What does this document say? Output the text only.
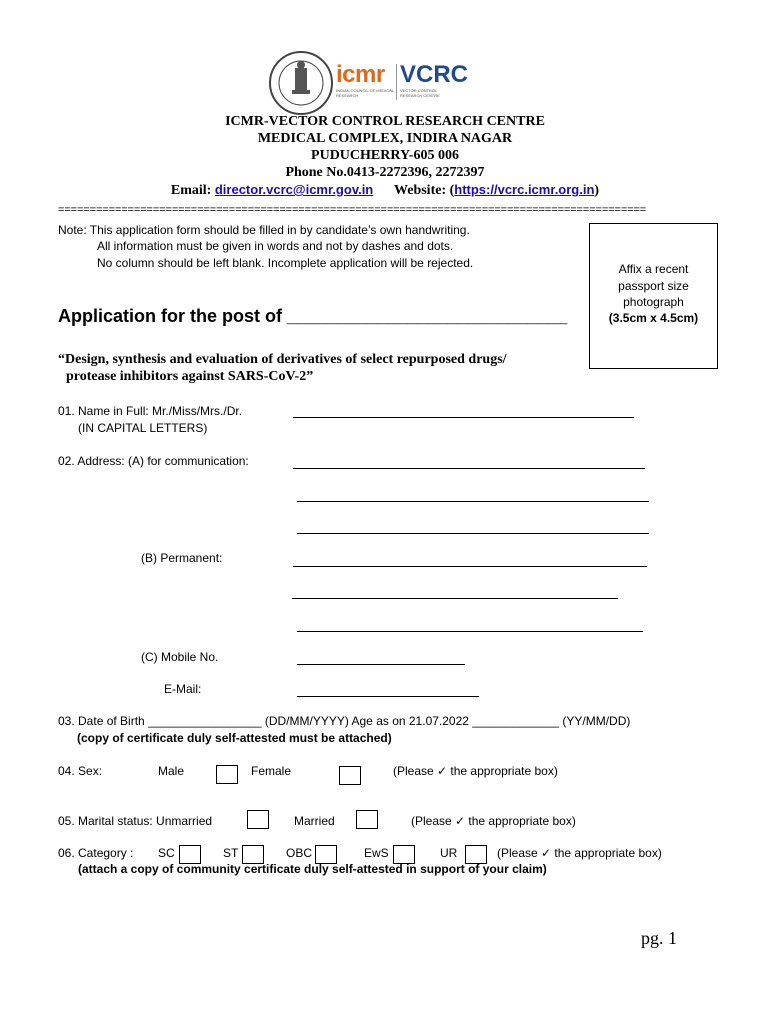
icmr
INDIAN COUNCIL OF MEDICAL RESEARCH
VCRC
VECTOR CONTROL RESEARCH CENTRE
ICMR-VECTOR CONTROL RESEARCH CENTRE
MEDICAL COMPLEX, INDIRA NAGAR
PUDUCHERRY-605 006
Phone No.0413-2272396, 2272397
Email: director.vcrc@icmr.gov.in Website: (https://vcrc.icmr.org.in)
=============================================================================================
Note: This application form should be filled in by candidate’s own handwriting.
All information must be given in words and not by dashes and dots.
No column should be left blank. Incomplete application will be rejected.	Affix a recent
passport size
photograph
(3.5cm x 4.5cm)
Application for the post of ____________________________
“Design, synthesis and evaluation of derivatives of select repurposed drugs/
protease inhibitors against SARS-CoV-2”
01. Name in Full: Mr./Miss/Mrs./Dr.
(IN CAPITAL LETTERS)
02. Address: (A) for communication:
(B) Permanent:
(C) Mobile No.
E-Mail:
03. Date of Birth _________________ (DD/MM/YYYY) Age as on 21.07.2022 _____________ (YY/MM/DD)
(copy of certificate duly self-attested must be attached)
04. Sex:	Male	Female	(Please ✓ the appropriate box)
05. Marital status: Unmarried	Married	(Please ✓ the appropriate box)
06. Category : SC	ST	OBC	EwS	UR	(Please ✓ the appropriate box)
(attach a copy of community certificate duly self-attested in support of your claim)
pg. 1
